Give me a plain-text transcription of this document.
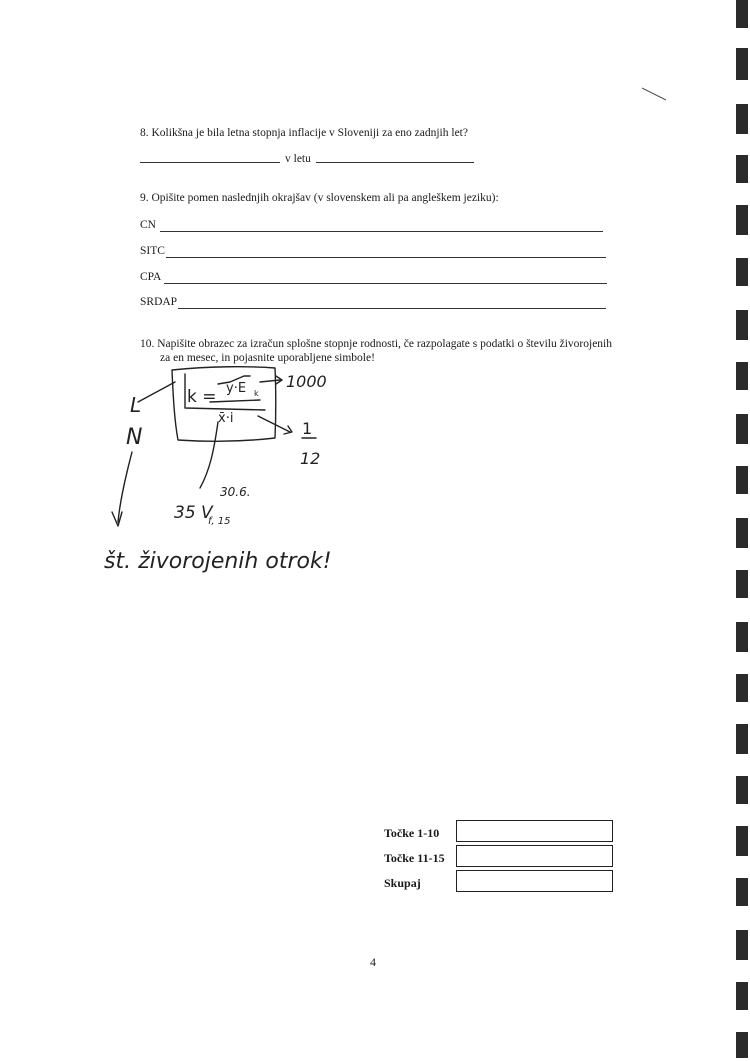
8. Kolikšna je bila letna stopnja inflacije v Sloveniji za eno zadnjih let?
v letu
9. Opišite pomen naslednjih okrajšav (v slovenskem ali pa angleškem jeziku):
CN
SITC
CPA
SRDAP
10. Napišite obrazec za izračun splošne stopnje rodnosti, če razpolagate s podatki o številu živorojenih
za en mesec, in pojasnite uporabljene simbole!
k = y·E k
x̄·i
1000
1
12
L
N
30.6.
35 V
f, 15
št. živorojenih otrok!
Točke 1-10
Točke 11-15
Skupaj
4
